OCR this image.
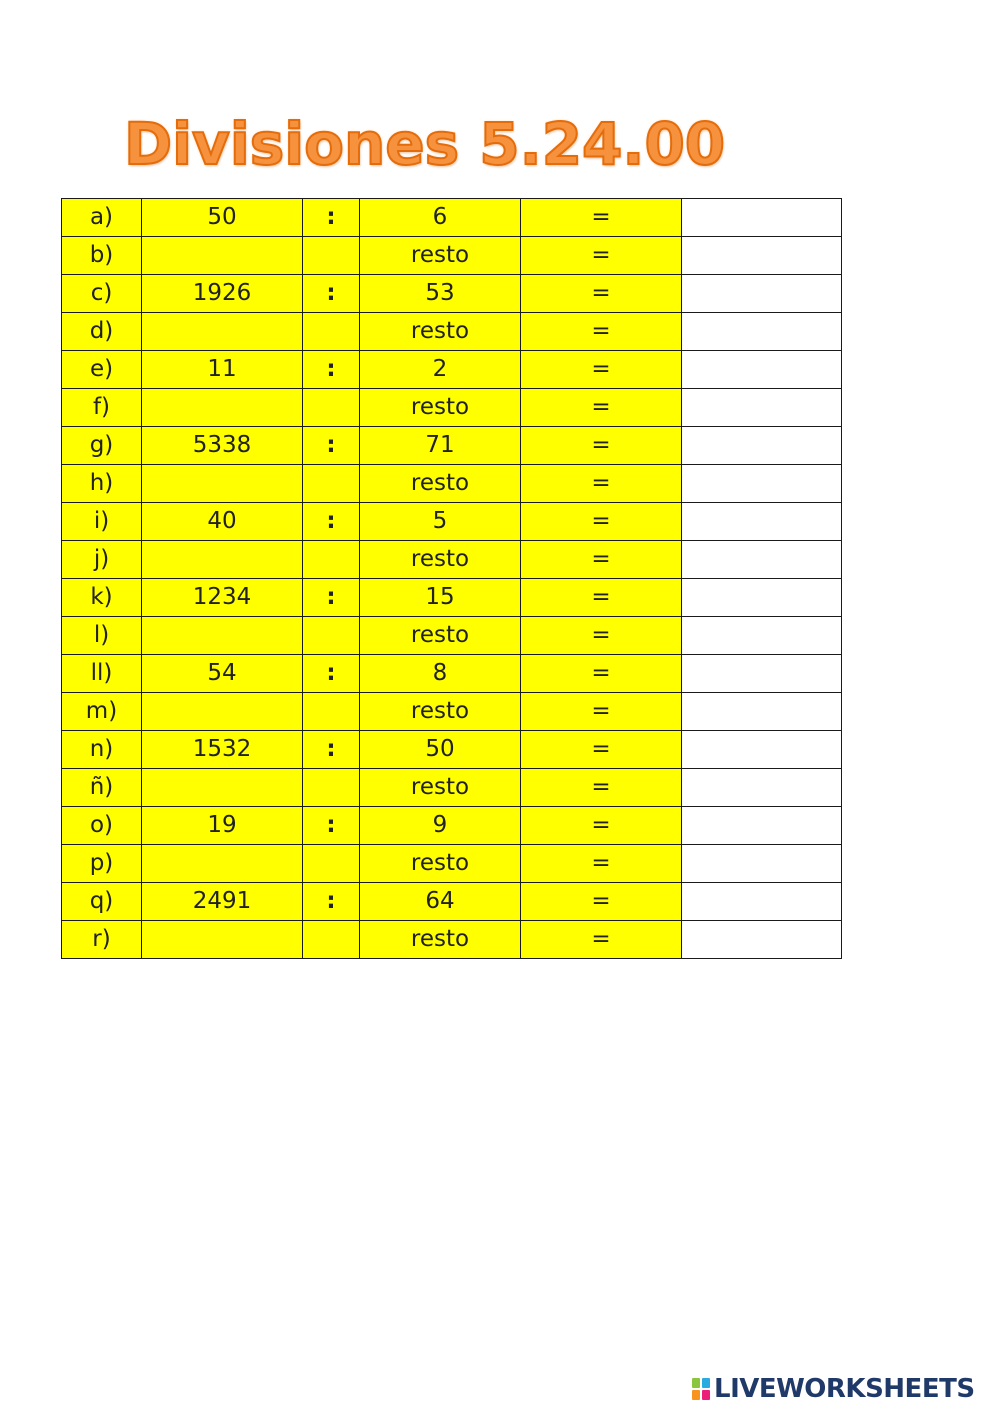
Divisiones 5.24.00
a)	50	:	6	=	
b)			resto	=	
c)	1926	:	53	=	
d)			resto	=	
e)	11	:	2	=	
f)			resto	=	
g)	5338	:	71	=	
h)			resto	=	
i)	40	:	5	=	
j)			resto	=	
k)	1234	:	15	=	
l)			resto	=	
ll)	54	:	8	=	
m)			resto	=	
n)	1532	:	50	=	
ñ)			resto	=	
o)	19	:	9	=	
p)			resto	=	
q)	2491	:	64	=	
r)			resto	=	
LIVEWORKSHEETS
